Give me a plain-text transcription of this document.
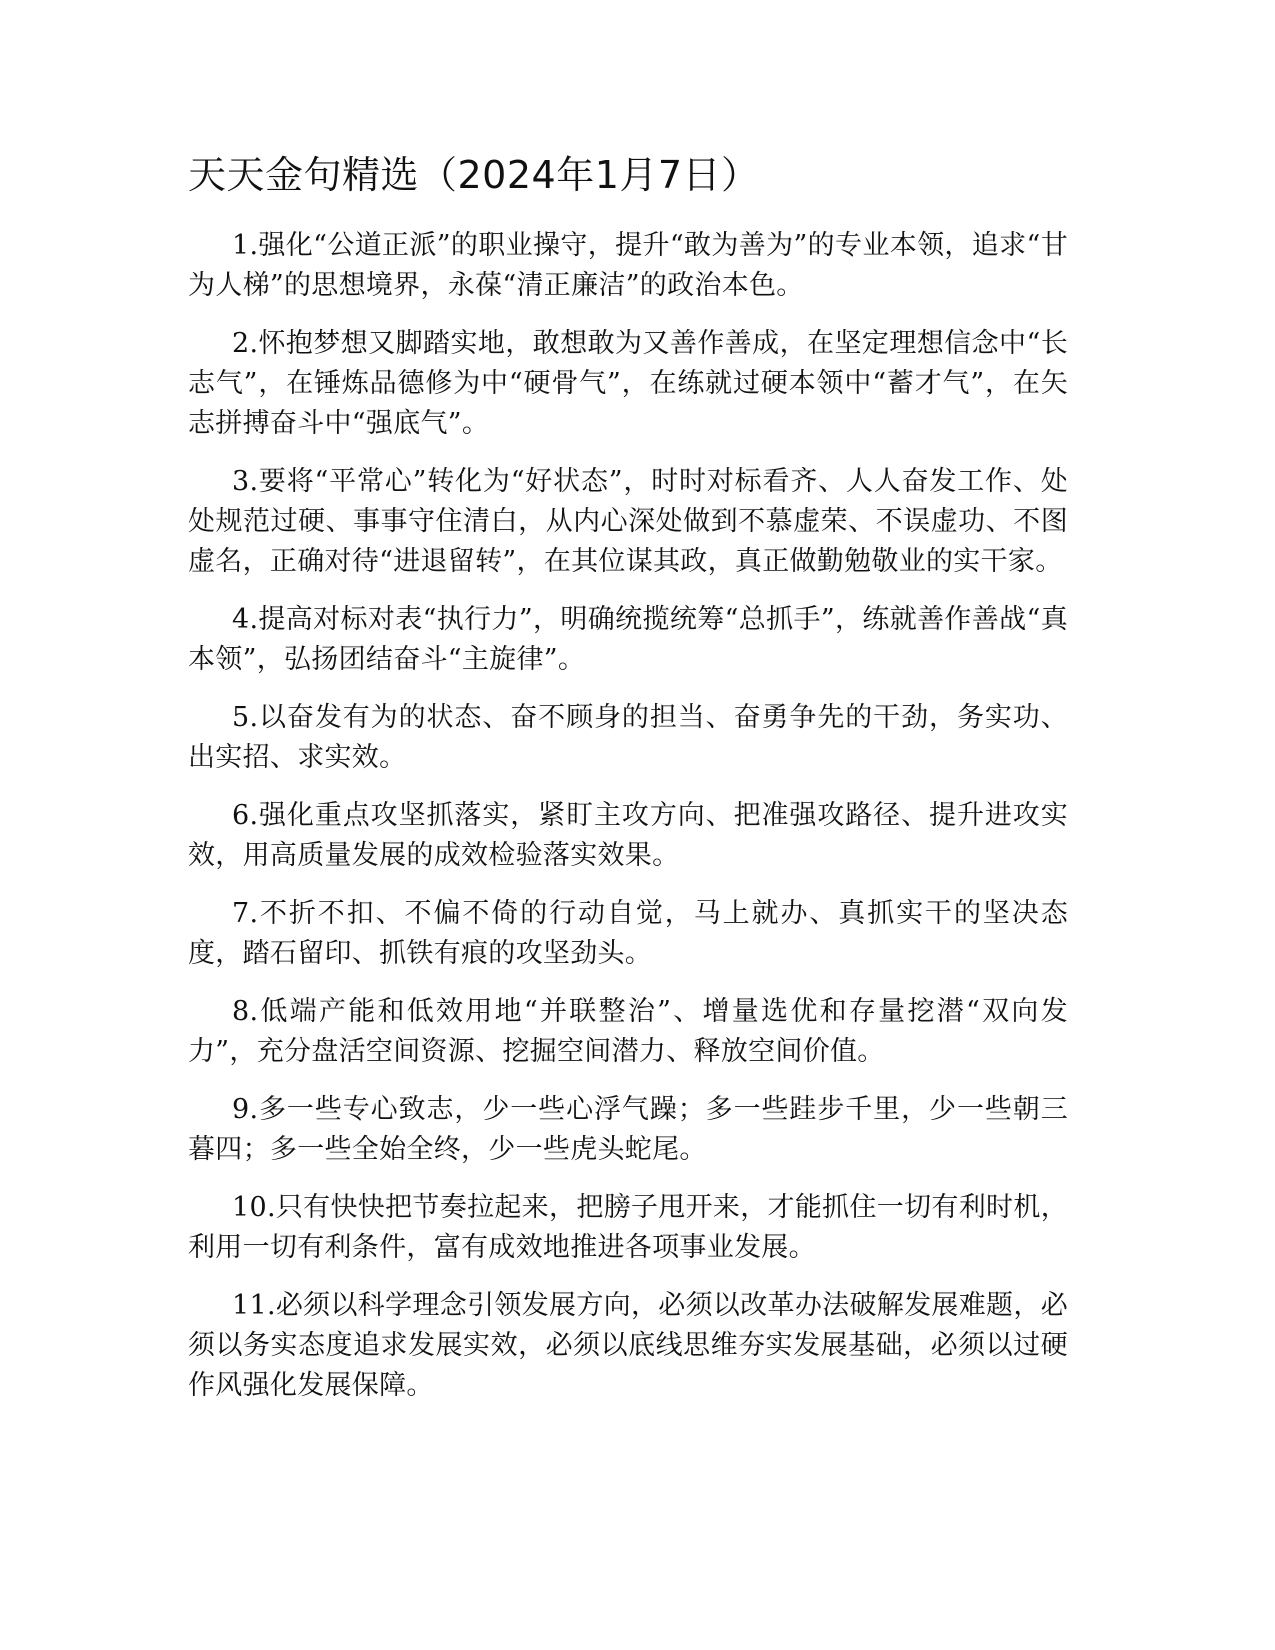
天天金句精选（2024年1月7日）

1.强化“公道正派”的职业操守，提升“敢为善为”的专业本领，追求“甘为人梯”的思想境界，永葆“清正廉洁”的政治本色。

2.怀抱梦想又脚踏实地，敢想敢为又善作善成，在坚定理想信念中“长志气”，在锤炼品德修为中“硬骨气”，在练就过硬本领中“蓄才气”，在矢志拼搏奋斗中“强底气”。

3.要将“平常心”转化为“好状态”，时时对标看齐、人人奋发工作、处处规范过硬、事事守住清白，从内心深处做到不慕虚荣、不误虚功、不图虚名，正确对待“进退留转”，在其位谋其政，真正做勤勉敬业的实干家。

4.提高对标对表“执行力”，明确统揽统筹“总抓手”，练就善作善战“真本领”，弘扬团结奋斗“主旋律”。

5.以奋发有为的状态、奋不顾身的担当、奋勇争先的干劲，务实功、出实招、求实效。

6.强化重点攻坚抓落实，紧盯主攻方向、把准强攻路径、提升进攻实效，用高质量发展的成效检验落实效果。

7.不折不扣、不偏不倚的行动自觉，马上就办、真抓实干的坚决态度，踏石留印、抓铁有痕的攻坚劲头。

8.低端产能和低效用地“并联整治”、增量选优和存量挖潜“双向发力”，充分盘活空间资源、挖掘空间潜力、释放空间价值。

9.多一些专心致志，少一些心浮气躁；多一些跬步千里，少一些朝三暮四；多一些全始全终，少一些虎头蛇尾。

10.只有快快把节奏拉起来，把膀子甩开来，才能抓住一切有利时机，利用一切有利条件，富有成效地推进各项事业发展。

11.必须以科学理念引领发展方向，必须以改革办法破解发展难题，必须以务实态度追求发展实效，必须以底线思维夯实发展基础，必须以过硬作风强化发展保障。
